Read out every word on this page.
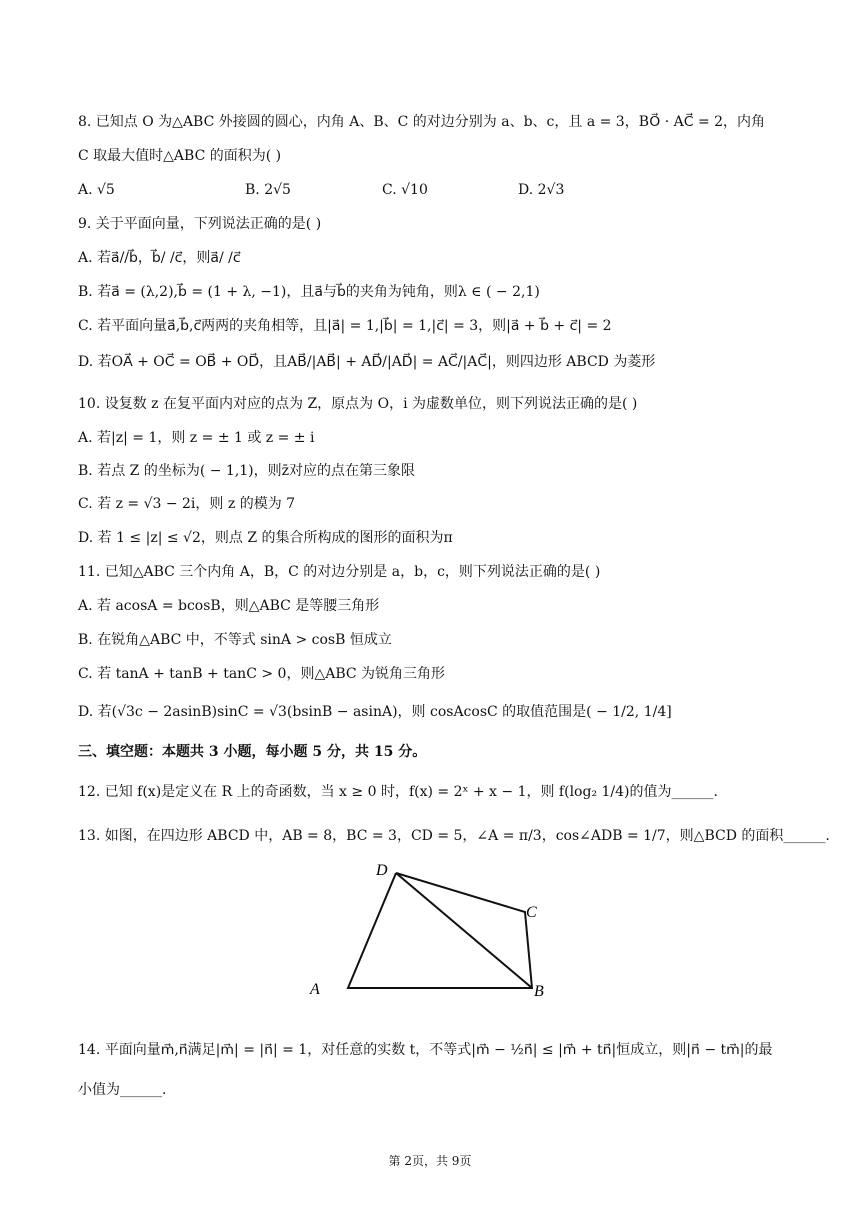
8. 已知点 O 为△ABC 外接圆的圆心，内角 A、B、C 的对边分别为 a、b、c，且 a = 3，BO⃗ · AC⃗ = 2，内角
C 取最大值时△ABC 的面积为( )
A. √5	B. 2√5	C. √10	D. 2√3
9. 关于平面向量，下列说法正确的是( )
A. 若a⃗//b⃗，b⃗/ /c⃗，则a⃗/ /c⃗
B. 若a⃗ = (λ,2),b⃗ = (1 + λ, −1)，且a⃗与b⃗的夹角为钝角，则λ ∈ ( − 2,1)
C. 若平面向量a⃗,b⃗,c⃗两两的夹角相等，且|a⃗| = 1,|b⃗| = 1,|c⃗| = 3，则|a⃗ + b⃗ + c⃗| = 2
D. 若OA⃗ + OC⃗ = OB⃗ + OD⃗，且AB⃗/|AB⃗| + AD⃗/|AD⃗| = AC⃗/|AC⃗|，则四边形 ABCD 为菱形
10. 设复数 z 在复平面内对应的点为 Z，原点为 O，i 为虚数单位，则下列说法正确的是( )
A. 若|z| = 1，则 z = ± 1 或 z = ± i
B. 若点 Z 的坐标为( − 1,1)，则z̄对应的点在第三象限
C. 若 z = √3 − 2i，则 z 的模为 7
D. 若 1 ≤ |z| ≤ √2，则点 Z 的集合所构成的图形的面积为π
11. 已知△ABC 三个内角 A，B，C 的对边分别是 a，b，c，则下列说法正确的是( )
A. 若 acosA = bcosB，则△ABC 是等腰三角形
B. 在锐角△ABC 中，不等式 sinA > cosB 恒成立
C. 若 tanA + tanB + tanC > 0，则△ABC 为锐角三角形
D. 若(√3c − 2asinB)sinC = √3(bsinB − asinA)，则 cosAcosC 的取值范围是( − 1/2, 1/4]
三、填空题：本题共 3 小题，每小题 5 分，共 15 分。
12. 已知 f(x)是定义在 R 上的奇函数，当 x ≥ 0 时，f(x) = 2ˣ + x − 1，则 f(log₂ 1/4)的值为______.
13. 如图，在四边形 ABCD 中，AB = 8，BC = 3，CD = 5，∠A = π/3，cos∠ADB = 1/7，则△BCD 的面积______.
D
C
A	B
14. 平面向量m⃗,n⃗满足|m⃗| = |n⃗| = 1，对任意的实数 t，不等式|m⃗ − ½n⃗| ≤ |m⃗ + tn⃗|恒成立，则|n⃗ − tm⃗|的最
小值为______.
第 2页，共 9页
